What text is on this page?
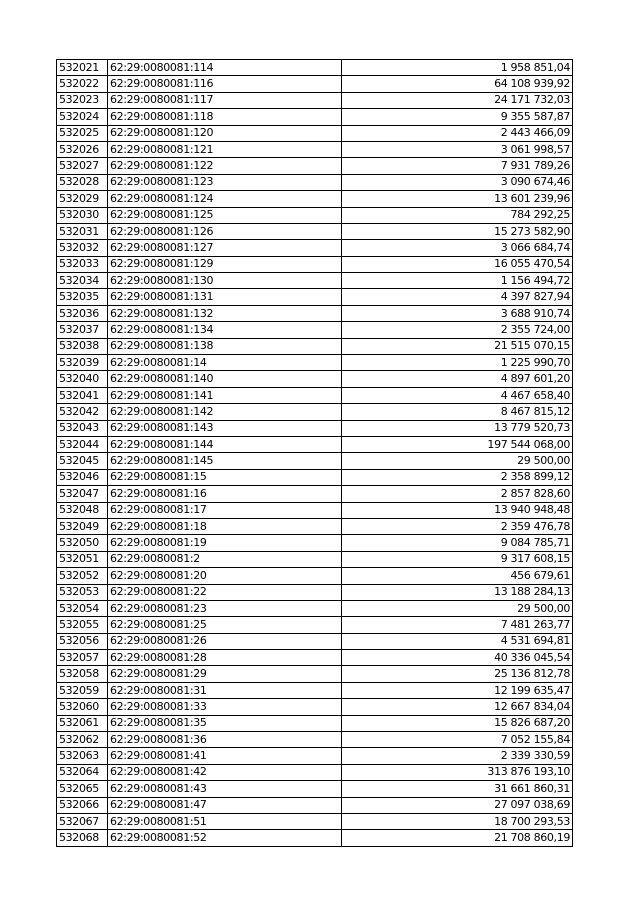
532021	62:29:0080081:114	1 958 851,04
532022	62:29:0080081:116	64 108 939,92
532023	62:29:0080081:117	24 171 732,03
532024	62:29:0080081:118	9 355 587,87
532025	62:29:0080081:120	2 443 466,09
532026	62:29:0080081:121	3 061 998,57
532027	62:29:0080081:122	7 931 789,26
532028	62:29:0080081:123	3 090 674,46
532029	62:29:0080081:124	13 601 239,96
532030	62:29:0080081:125	784 292,25
532031	62:29:0080081:126	15 273 582,90
532032	62:29:0080081:127	3 066 684,74
532033	62:29:0080081:129	16 055 470,54
532034	62:29:0080081:130	1 156 494,72
532035	62:29:0080081:131	4 397 827,94
532036	62:29:0080081:132	3 688 910,74
532037	62:29:0080081:134	2 355 724,00
532038	62:29:0080081:138	21 515 070,15
532039	62:29:0080081:14	1 225 990,70
532040	62:29:0080081:140	4 897 601,20
532041	62:29:0080081:141	4 467 658,40
532042	62:29:0080081:142	8 467 815,12
532043	62:29:0080081:143	13 779 520,73
532044	62:29:0080081:144	197 544 068,00
532045	62:29:0080081:145	29 500,00
532046	62:29:0080081:15	2 358 899,12
532047	62:29:0080081:16	2 857 828,60
532048	62:29:0080081:17	13 940 948,48
532049	62:29:0080081:18	2 359 476,78
532050	62:29:0080081:19	9 084 785,71
532051	62:29:0080081:2	9 317 608,15
532052	62:29:0080081:20	456 679,61
532053	62:29:0080081:22	13 188 284,13
532054	62:29:0080081:23	29 500,00
532055	62:29:0080081:25	7 481 263,77
532056	62:29:0080081:26	4 531 694,81
532057	62:29:0080081:28	40 336 045,54
532058	62:29:0080081:29	25 136 812,78
532059	62:29:0080081:31	12 199 635,47
532060	62:29:0080081:33	12 667 834,04
532061	62:29:0080081:35	15 826 687,20
532062	62:29:0080081:36	7 052 155,84
532063	62:29:0080081:41	2 339 330,59
532064	62:29:0080081:42	313 876 193,10
532065	62:29:0080081:43	31 661 860,31
532066	62:29:0080081:47	27 097 038,69
532067	62:29:0080081:51	18 700 293,53
532068	62:29:0080081:52	21 708 860,19
